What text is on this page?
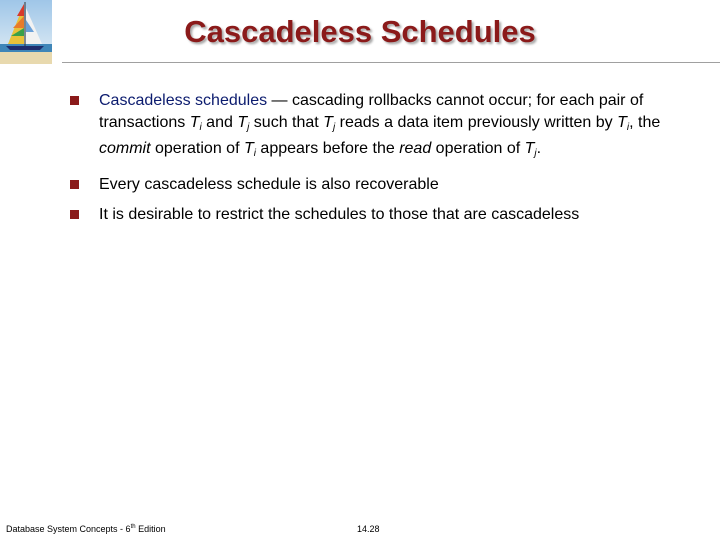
Cascadeless Schedules
Cascadeless schedules — cascading rollbacks cannot occur; for each pair of transactions $T_i$ and $T_j$ such that $T_j$ reads a data item previously written by $T_i$, the commit operation of $T_i$ appears before the read operation of $T_j$.
Every cascadeless schedule is also recoverable
It is desirable to restrict the schedules to those that are cascadeless
Database System Concepts - 6th Edition	14.28
